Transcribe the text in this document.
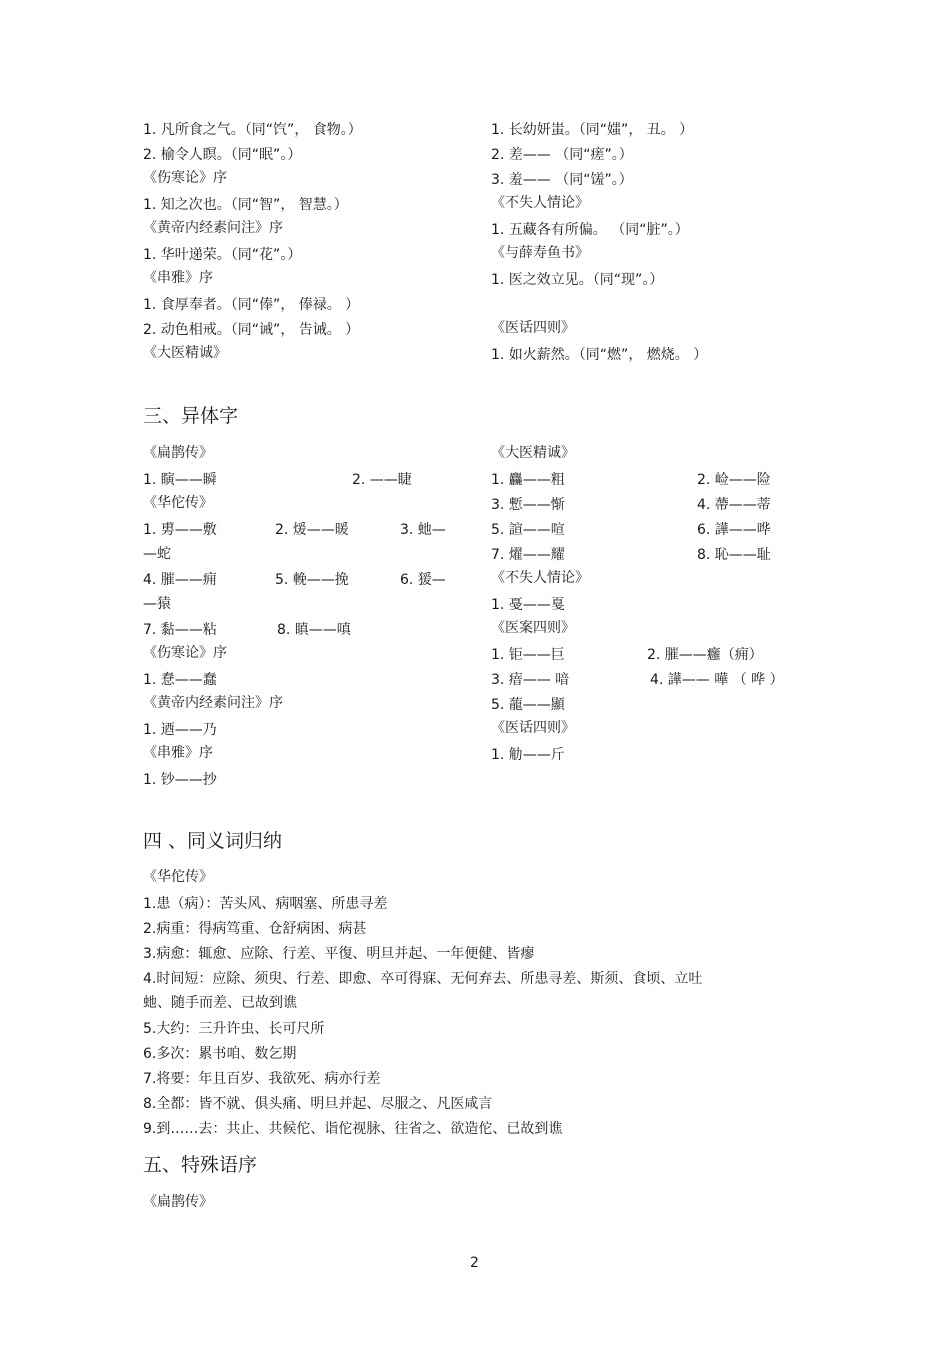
1. 凡所食之气。（同“饩”， 食物。）
2. 榆令人瞑。（同“眠”。）
《伤寒论》序
1. 知之次也。（同“智”， 智慧。）
《黄帝内经素问注》序
1. 华叶递荣。（同“花”。）
《串雅》序
1. 食厚奉者。（同“俸”， 俸禄。 ）
2. 动色相戒。（同“诫”， 告诫。 ）
《大医精诚》
1. 长幼妍蚩。（同“媸”， 丑。 ）
2. 差—— （同“瘥”。）
3. 羞—— （同“馐”。）
《不失人情论》
1. 五藏各有所偏。 （同“脏”。）
《与薛寿鱼书》
1. 医之效立见。（同“现”。）
《医话四则》
1. 如火薪然。（同“燃”， 燃烧。 ）
三、异体字
《扁鹊传》
1. 瞚——瞬	2. ——睫
《华佗传》
1. 旉——敷	2. 煖——暖	3. 虵—
—蛇
4. 膗——痈	5. 輓——挽	6. 猨—
—猿
7. 黏——粘	8. 瞋——嗔
《伤寒论》序
1. 惷——蠢
《黄帝内经素问注》序
1. 迺——乃
《串雅》序
1. 钞——抄
《大医精诚》
1. 麤——粗	2. 崄——险
3. 慙——惭	4. 蔕——蒂
5. 諠——喧	6. 譁——哗
7. 燿——耀	8. 恥——耻
《不失人情论》
1. 戞——戛
《医案四则》
1. 钜——巨	2. 膗——癰（痈）
3. 瘖—— 喑	4. 譁—— 嘩 （ 哗 ）
5. 蘢——顯
《医话四则》
1. 觔——斤
四 、同义词归纳
《华佗传》
1.患（病）：苦头风、病咽塞、所患寻差
2.病重：得病笃重、仓舒病困、病甚
3.病愈：辄愈、应除、行差、平復、明旦并起、一年便健、皆瘳
4.时间短：应除、须臾、行差、即愈、卒可得寐、无何弃去、所患寻差、斯须、食顷、立吐
虵、随手而差、已故到谯
5.大约：三升许虫、长可尺所
6.多次：累书咱、数乞期
7.将要：年且百岁、我欲死、病亦行差
8.全都：皆不就、俱头痛、明旦并起、尽服之、凡医咸言
9.到……去：共止、共候佗、诣佗视脉、往省之、欲造佗、已故到谯
五、特殊语序
《扁鹊传》
2
